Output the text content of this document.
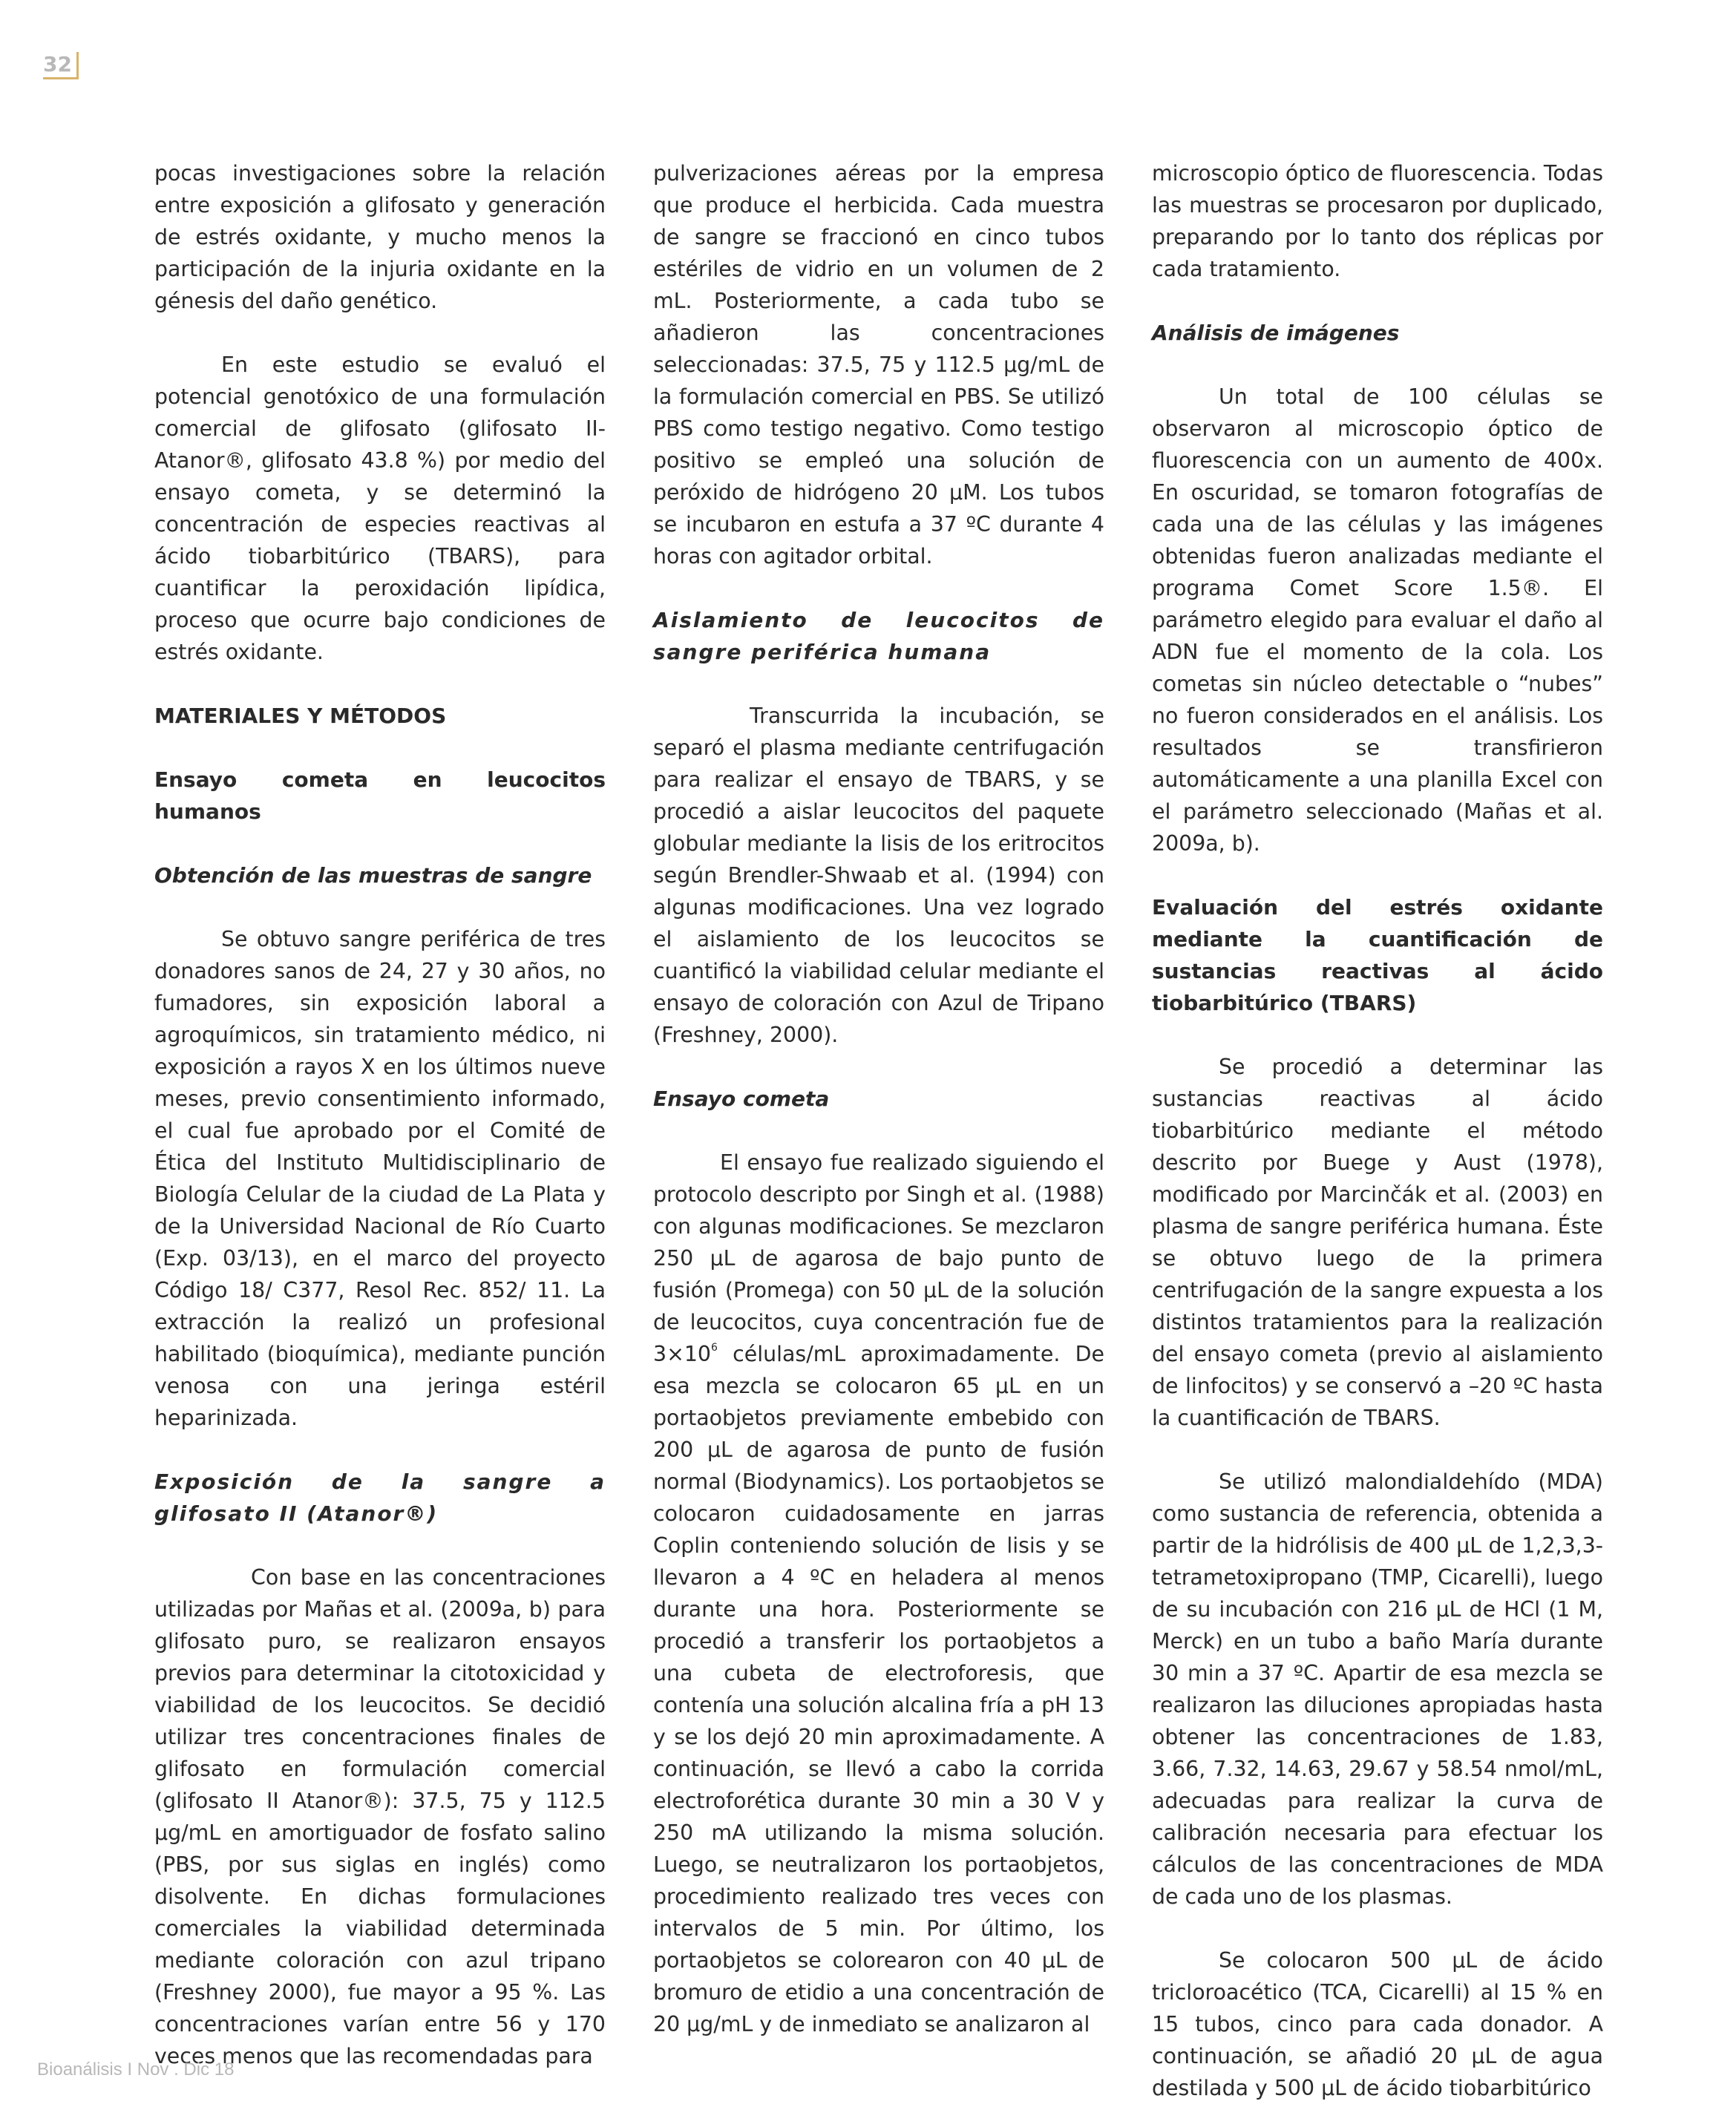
32

pocas investigaciones sobre la relación entre exposición a glifosato y generación de estrés oxidante, y mucho menos la participación de la injuria oxidante en la génesis del daño genético.

En este estudio se evaluó el potencial genotóxico de una formulación comercial de glifosato (glifosato II-Atanor®, glifosato 43.8 %) por medio del ensayo cometa, y se determinó la concentración de especies reactivas al ácido tiobarbitúrico (TBARS), para cuantificar la peroxidación lipídica, proceso que ocurre bajo condiciones de estrés oxidante.

MATERIALES Y MÉTODOS

Ensayo cometa en leucocitos humanos

Obtención de las muestras de sangre

Se obtuvo sangre periférica de tres donadores sanos de 24, 27 y 30 años, no fumadores, sin exposición laboral a agroquímicos, sin tratamiento médico, ni exposición a rayos X en los últimos nueve meses, previo consentimiento informado, el cual fue aprobado por el Comité de Ética del Instituto Multidisciplinario de Biología Celular de la ciudad de La Plata y de la Universidad Nacional de Río Cuarto (Exp. 03/13), en el marco del proyecto Código 18/ C377, Resol Rec. 852/ 11. La extracción la realizó un profesional habilitado (bioquímica), mediante punción venosa con una jeringa estéril heparinizada.

Exposición de la sangre a glifosato II (Atanor®)

Con base en las concentraciones utilizadas por Mañas et al. (2009a, b) para glifosato puro, se realizaron ensayos previos para determinar la citotoxicidad y viabilidad de los leucocitos. Se decidió utilizar tres concentraciones finales de glifosato en formulación comercial (glifosato II Atanor®): 37.5, 75 y 112.5 μg/mL en amortiguador de fosfato salino (PBS, por sus siglas en inglés) como disolvente. En dichas formulaciones comerciales la viabilidad determinada mediante coloración con azul tripano (Freshney 2000), fue mayor a 95 %. Las concentraciones varían entre 56 y 170 veces menos que las recomendadas para

pulverizaciones aéreas por la empresa que produce el herbicida. Cada muestra de sangre se fraccionó en cinco tubos estériles de vidrio en un volumen de 2 mL. Posteriormente, a cada tubo se añadieron las concentraciones seleccionadas: 37.5, 75 y 112.5 μg/mL de la formulación comercial en PBS. Se utilizó PBS como testigo negativo. Como testigo positivo se empleó una solución de peróxido de hidrógeno 20 μM. Los tubos se incubaron en estufa a 37 ºC durante 4 horas con agitador orbital.

Aislamiento de leucocitos de sangre periférica humana

Transcurrida la incubación, se separó el plasma mediante centrifugación para realizar el ensayo de TBARS, y se procedió a aislar leucocitos del paquete globular mediante la lisis de los eritrocitos según Brendler-Shwaab et al. (1994) con algunas modificaciones. Una vez logrado el aislamiento de los leucocitos se cuantificó la viabilidad celular mediante el ensayo de coloración con Azul de Tripano (Freshney, 2000).

Ensayo cometa

El ensayo fue realizado siguiendo el protocolo descripto por Singh et al. (1988) con algunas modificaciones. Se mezclaron 250 μL de agarosa de bajo punto de fusión (Promega) con 50 μL de la solución de leucocitos, cuya concentración fue de $3\times 10^6$ células/mL aproximadamente. De esa mezcla se colocaron 65 μL en un portaobjetos previamente embebido con 200 μL de agarosa de punto de fusión normal (Biodynamics). Los portaobjetos se colocaron cuidadosamente en jarras Coplin conteniendo solución de lisis y se llevaron a 4 ºC en heladera al menos durante una hora. Posteriormente se procedió a transferir los portaobjetos a una cubeta de electroforesis, que contenía una solución alcalina fría a pH 13 y se los dejó 20 min aproximadamente. A continuación, se llevó a cabo la corrida electroforética durante 30 min a 30 V y 250 mA utilizando la misma solución. Luego, se neutralizaron los portaobjetos, procedimiento realizado tres veces con intervalos de 5 min. Por último, los portaobjetos se colorearon con 40 μL de bromuro de etidio a una concentración de 20 μg/mL y de inmediato se analizaron al

microscopio óptico de fluorescencia. Todas las muestras se procesaron por duplicado, preparando por lo tanto dos réplicas por cada tratamiento.

Análisis de imágenes

Un total de 100 células se observaron al microscopio óptico de fluorescencia con un aumento de 400x. En oscuridad, se tomaron fotografías de cada una de las células y las imágenes obtenidas fueron analizadas mediante el programa Comet Score 1.5®. El parámetro elegido para evaluar el daño al ADN fue el momento de la cola. Los cometas sin núcleo detectable o “nubes” no fueron considerados en el análisis. Los resultados se transfirieron automáticamente a una planilla Excel con el parámetro seleccionado (Mañas et al. 2009a, b).

Evaluación del estrés oxidante mediante la cuantificación de sustancias reactivas al ácido tiobarbitúrico (TBARS)

Se procedió a determinar las sustancias reactivas al ácido tiobarbitúrico mediante el método descrito por Buege y Aust (1978), modificado por Marcinčák et al. (2003) en plasma de sangre periférica humana. Éste se obtuvo luego de la primera centrifugación de la sangre expuesta a los distintos tratamientos para la realización del ensayo cometa (previo al aislamiento de linfocitos) y se conservó a –20 ºC hasta la cuantificación de TBARS.

Se utilizó malondialdehído (MDA) como sustancia de referencia, obtenida a partir de la hidrólisis de 400 μL de 1,2,3,3-tetrametoxipropano (TMP, Cicarelli), luego de su incubación con 216 μL de HCl (1 M, Merck) en un tubo a baño María durante 30 min a 37 ºC. Apartir de esa mezcla se realizaron las diluciones apropiadas hasta obtener las concentraciones de 1.83, 3.66, 7.32, 14.63, 29.67 y 58.54 nmol/mL, adecuadas para realizar la curva de calibración necesaria para efectuar los cálculos de las concentraciones de MDA de cada uno de los plasmas.

Se colocaron 500 μL de ácido tricloroacético (TCA, Cicarelli) al 15 % en 15 tubos, cinco para cada donador. A continuación, se añadió 20 μL de agua destilada y 500 μL de ácido tiobarbitúrico

Bioanálisis I Nov . Dic 18
